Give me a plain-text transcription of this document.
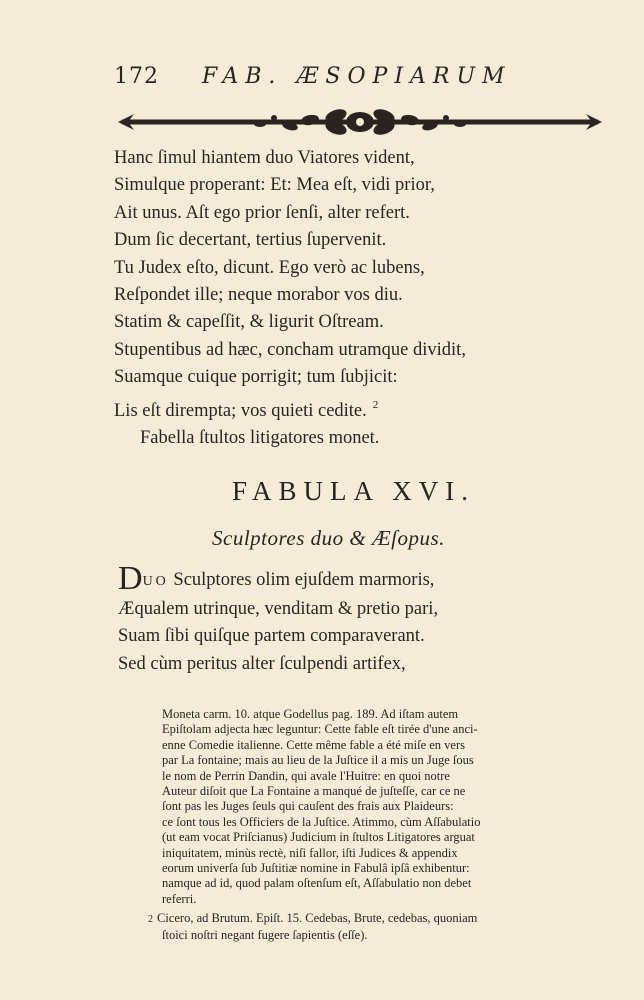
172 FAB. ÆSOPIARUM
Hanc ſimul hiantem duo Viatores vident,
Simulque properant: Et: Mea eſt, vidi prior,
Ait unus. Aſt ego prior ſenſi, alter refert.
Dum ſic decertant, tertius ſupervenit.
Tu Judex eſto, dicunt. Ego verò ac lubens,
Reſpondet ille; neque morabor vos diu.
Statim & capeſſit, & ligurit Oſtream.
Stupentibus ad hæc, concham utramque dividit,
Suamque cuique porrigit; tum ſubjicit:
Lis eſt dirempta; vos quieti cedite. $^2$
Fabella ſtultos litigatores monet.
FABULA XVI.
Sculptores duo & Æſopus.
DUO Sculptores olim ejuſdem marmoris,
Æqualem utrinque, venditam & pretio pari,
Suam ſibi quiſque partem comparaverant.
Sed cùm peritus alter ſculpendi artifex,
Moneta carm. 10. atque Godellus pag. 189. Ad iſtam autem
Epiſtolam adjecta hæc leguntur: Cette fable eſt tirée d'une anci-
enne Comedie italienne. Cette même fable a été miſe en vers
par La fontaine; mais au lieu de la Juſtice il a mis un Juge ſous
le nom de Perrin Dandin, qui avale l'Huitre: en quoi notre
Auteur diſoit que La Fontaine a manqué de juſteſſe, car ce ne
ſont pas les Juges ſeuls qui cauſent des frais aux Plaideurs:
ce ſont tous les Officiers de la Juſtice. Atimmo, cùm Aſſabulatio
(ut eam vocat Priſcianus) Judicium in ſtultos Litigatores arguat
iniquitatem, minùs rectè, niſi fallor, iſti Judices & appendix
eorum univerſa ſub Juſtitiæ nomine in Fabulâ ipſâ exhibentur:
namque ad id, quod palam oſtenſum eſt, Aſſabulatio non debet
referri.
2 Cicero, ad Brutum. Epiſt. 15. Cedebas, Brute, cedebas, quoniam
ſtoici noſtri negant fugere ſapientis (eſſe).
